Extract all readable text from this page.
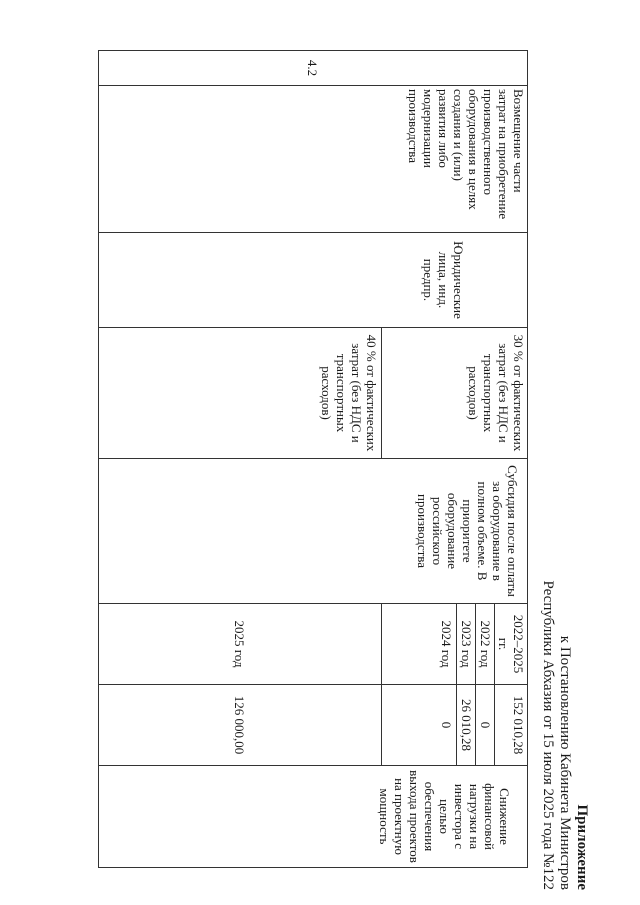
Приложение
к Постановлению Кабинета Министров
Республики Абхазия от 15 июля 2025 года №122
4.2	Возмещение части затрат на приобретение производственного оборудования в целях создания и (или) развития либо модернизации производства	Юридические лица, инд. предпр.	30 % от фактических затрат (без НДС и транспортных расходов)	Субсидия после оплаты за оборудование в полном объеме. В приоритете оборудование российского производства	2022–2025 гг.	152 010,28	Снижение финансовой нагрузки на инвестора с целью обеспечения выхода проектов на проектную мощность

					2022 год	0	
					2023 год	26 010,28	
					2024 год	0	
			40 % от фактических затрат (без НДС и транспортных расходов)		2025 год	126 000,00	
